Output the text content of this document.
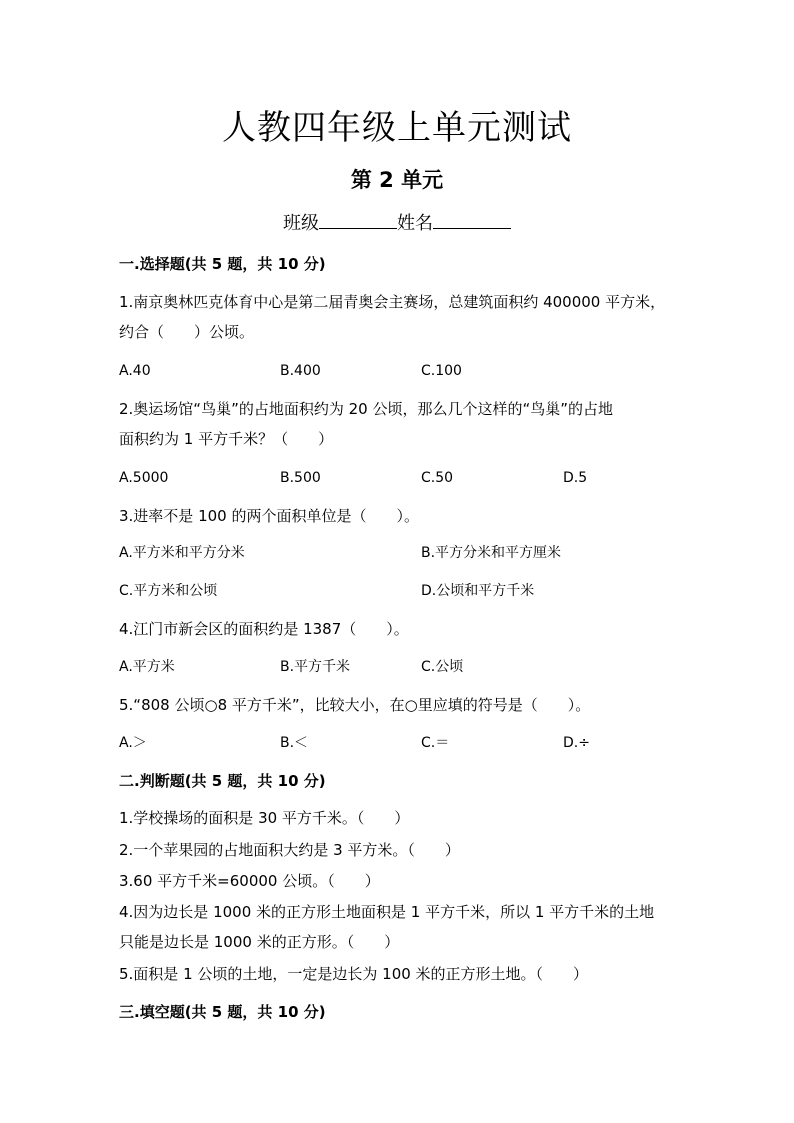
人教四年级上单元测试
第 2 单元
班级	姓名
一.选择题(共 5 题，共 10 分)
1.南京奥林匹克体育中心是第二届青奥会主赛场，总建筑面积约 400000 平方米，
约合（　　）公顷。
A.40	B.400	C.100
2.奥运场馆“鸟巢”的占地面积约为 20 公顷，那么几个这样的“鸟巢”的占地
面积约为 1 平方千米？（　　）
A.5000	B.500	C.50	D.5
3.进率不是 100 的两个面积单位是（　　）。
A.平方米和平方分米	B.平方分米和平方厘米
C.平方米和公顷	D.公顷和平方千米
4.江门市新会区的面积约是 1387（　　）。
A.平方米	B.平方千米	C.公顷
5.“808 公顷○8 平方千米”，比较大小，在○里应填的符号是（　　）。
A.＞	B.＜	C.＝	D.÷
二.判断题(共 5 题，共 10 分)
1.学校操场的面积是 30 平方千米。（　　）
2.一个苹果园的占地面积大约是 3 平方米。（　　）
3.60 平方千米=60000 公顷。（　　）
4.因为边长是 1000 米的正方形土地面积是 1 平方千米，所以 1 平方千米的土地
只能是边长是 1000 米的正方形。（　　）
5.面积是 1 公顷的土地，一定是边长为 100 米的正方形土地。（　　）
三.填空题(共 5 题，共 10 分)
